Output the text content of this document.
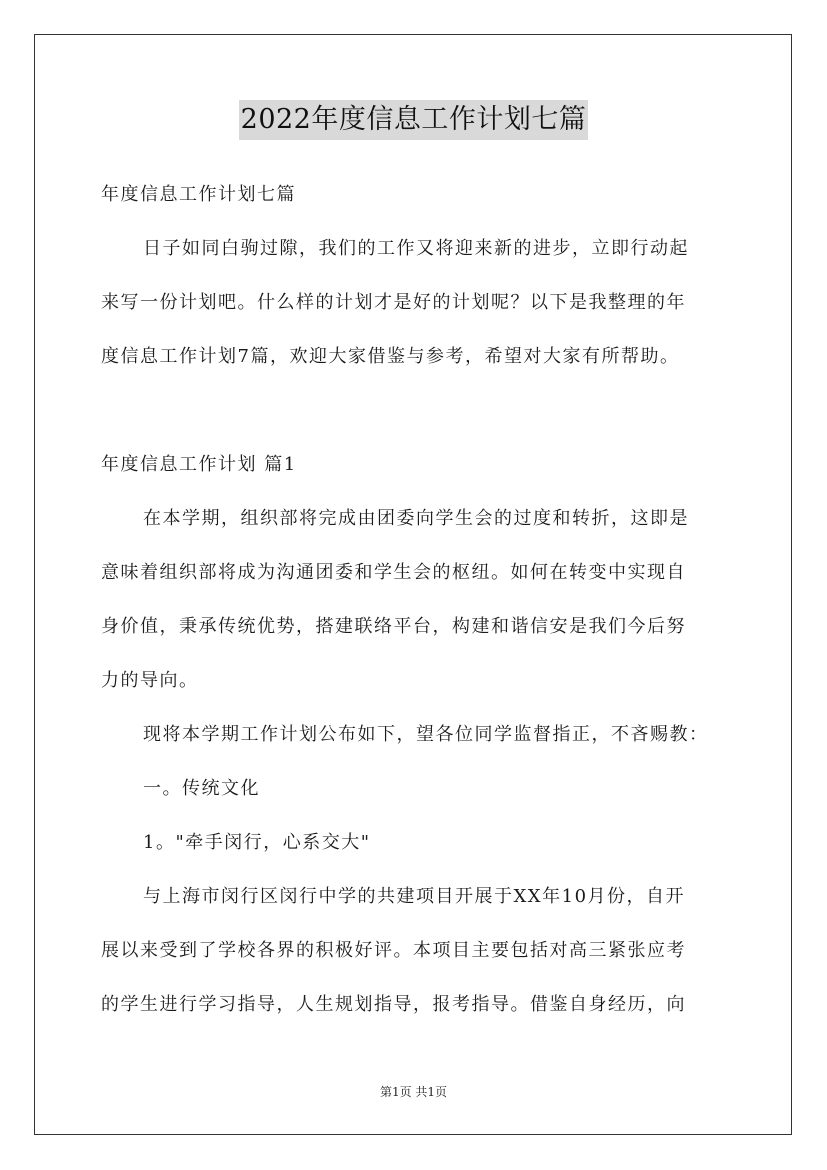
2022年度信息工作计划七篇
年度信息工作计划七篇
日子如同白驹过隙，我们的工作又将迎来新的进步，立即行动起
来写一份计划吧。什么样的计划才是好的计划呢？以下是我整理的年
度信息工作计划7篇，欢迎大家借鉴与参考，希望对大家有所帮助。
年度信息工作计划 篇1
在本学期，组织部将完成由团委向学生会的过度和转折，这即是
意味着组织部将成为沟通团委和学生会的枢纽。如何在转变中实现自
身价值，秉承传统优势，搭建联络平台，构建和谐信安是我们今后努
力的导向。
现将本学期工作计划公布如下，望各位同学监督指正，不吝赐教：
一。传统文化
1。"牵手闵行，心系交大"
与上海市闵行区闵行中学的共建项目开展于XX年10月份，自开
展以来受到了学校各界的积极好评。本项目主要包括对高三紧张应考
的学生进行学习指导，人生规划指导，报考指导。借鉴自身经历，向
第1页 共1页
